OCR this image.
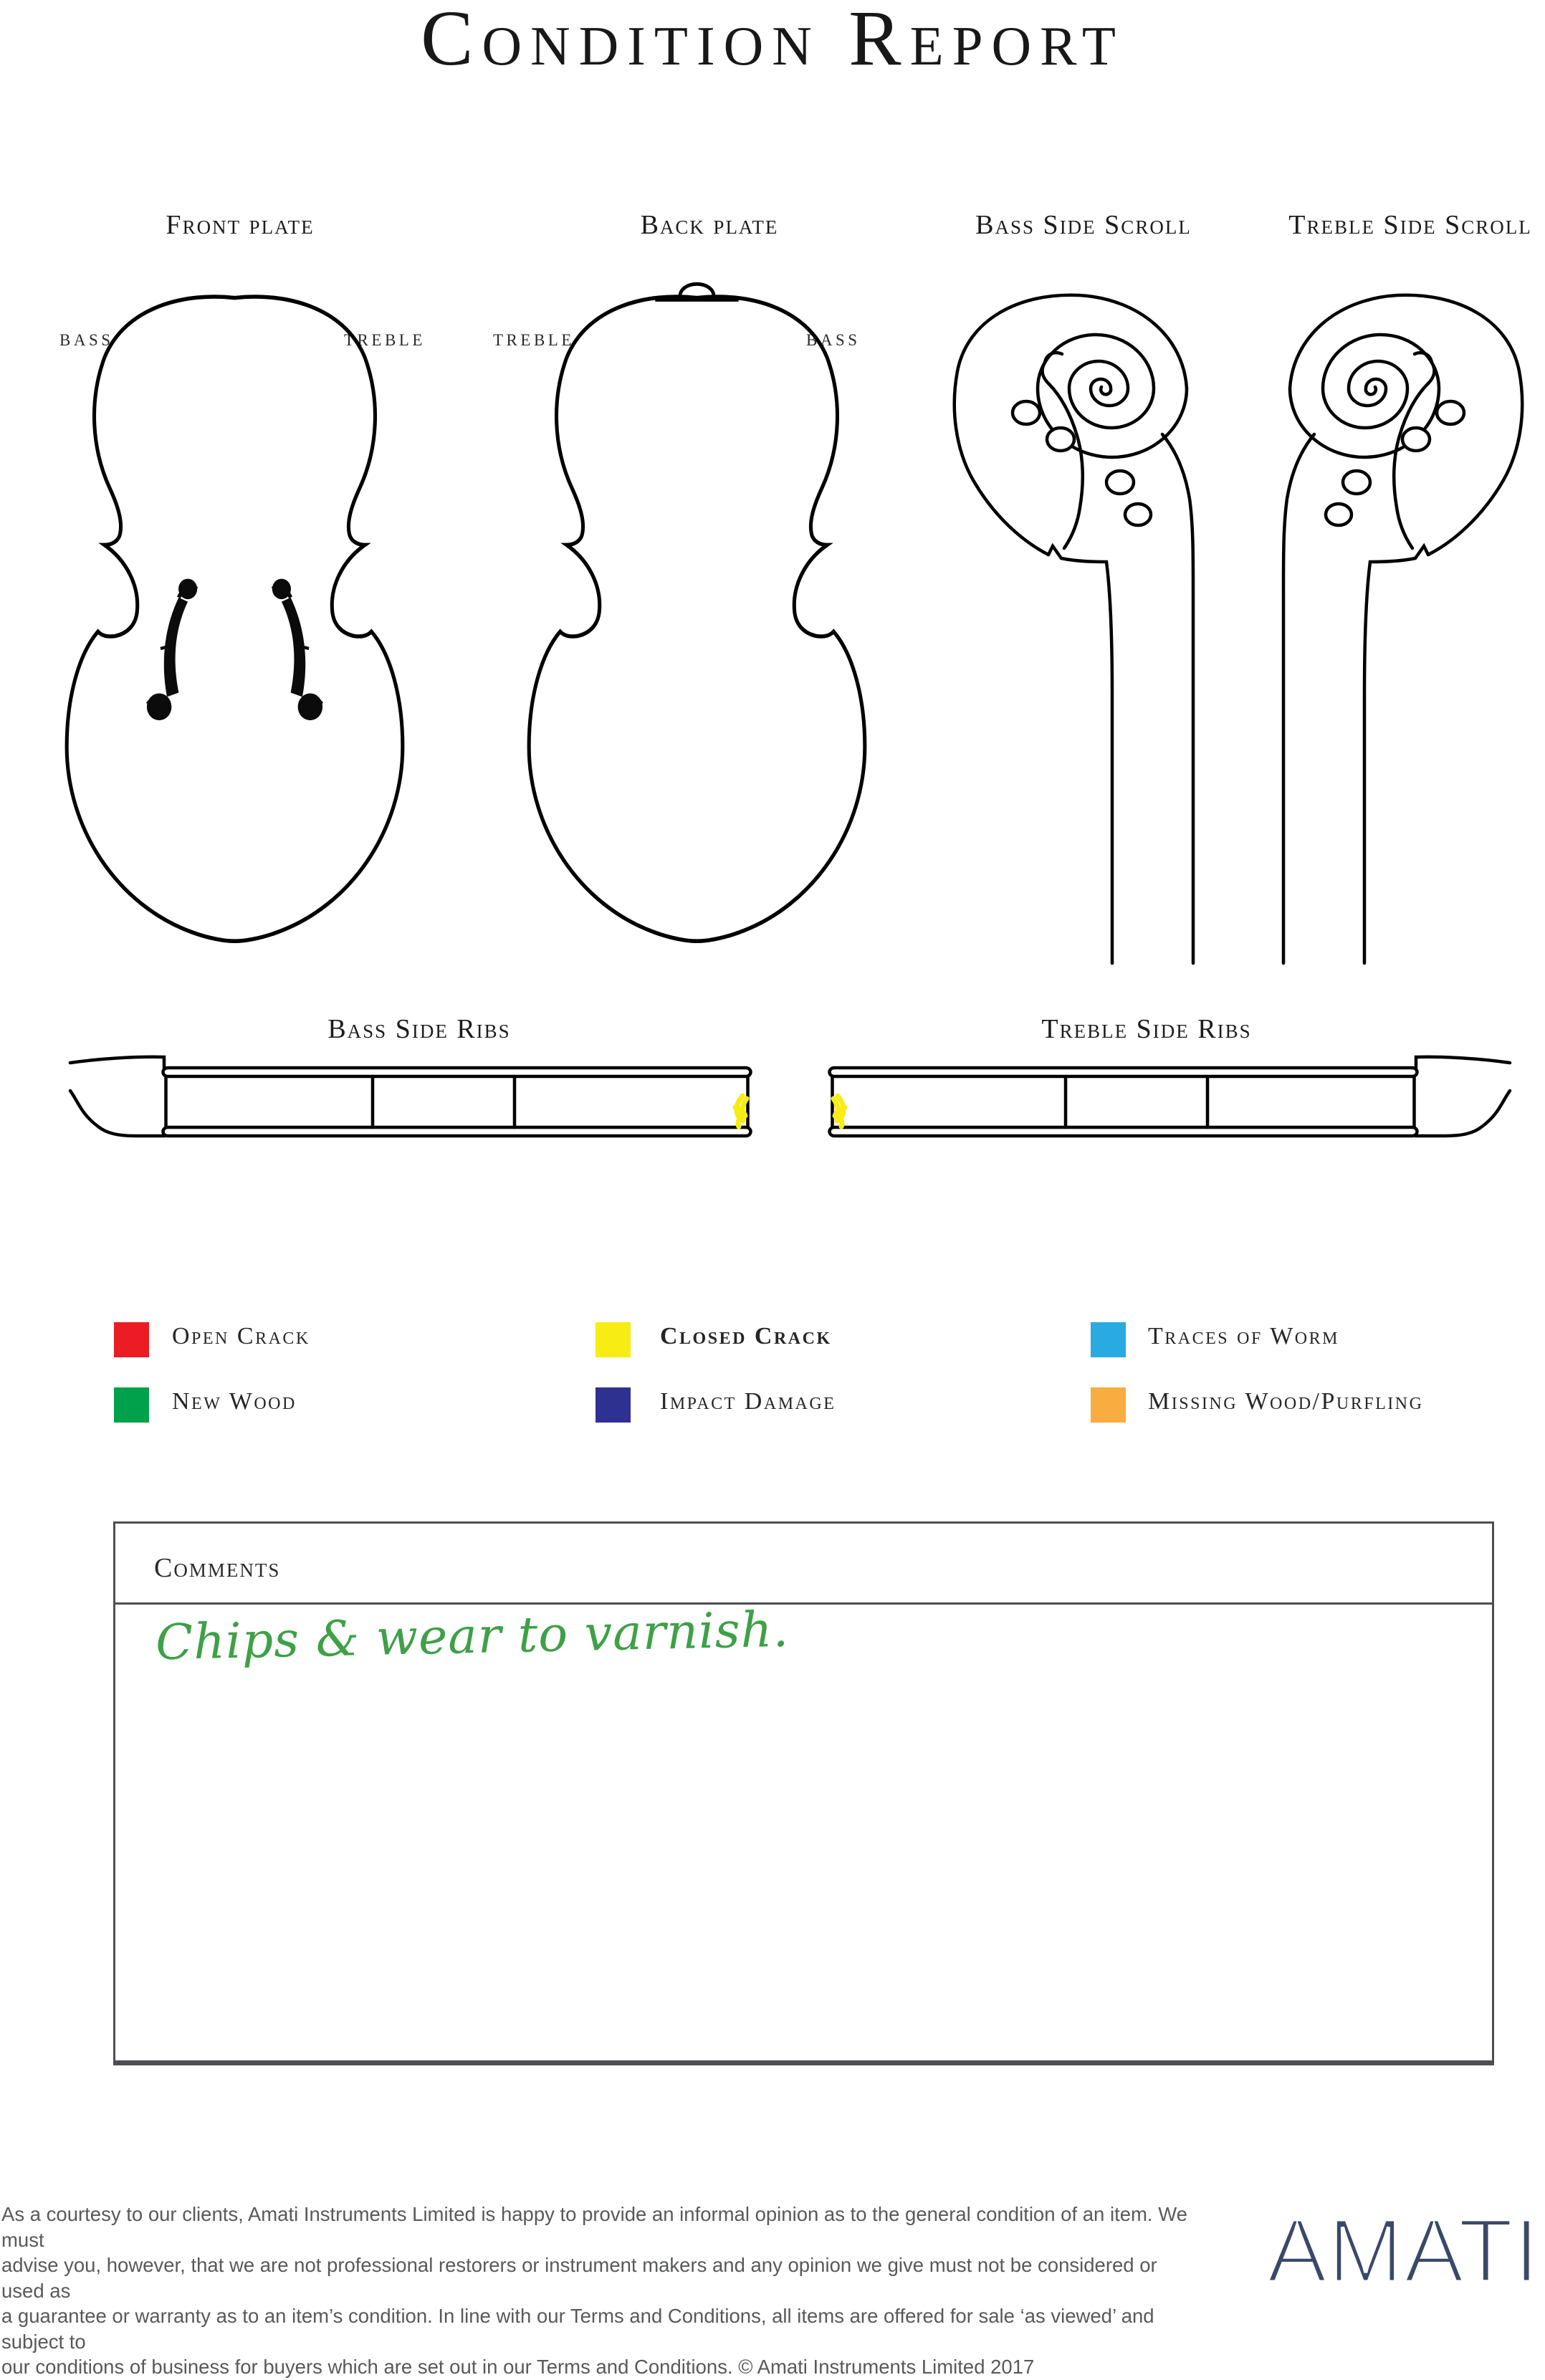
Condition Report
Front plate	Back plate	Bass Side Scroll	Treble Side Scroll
BASS	TREBLE	TREBLE	BASS
Bass Side Ribs	Treble Side Ribs
Open Crack	Closed Crack	Traces of Worm
New Wood	Impact Damage	Missing Wood/Purfling
Comments
Chips & wear to varnish.
As a courtesy to our clients, Amati Instruments Limited is happy to provide an informal opinion as to the general condition of an item. We must
advise you, however, that we are not professional restorers or instrument makers and any opinion we give must not be considered or used as
a guarantee or warranty as to an item’s condition. In line with our Terms and Conditions, all items are offered for sale ‘as viewed’ and subject to
our conditions of business for buyers which are set out in our Terms and Conditions. © Amati Instruments Limited 2017
AMATI
